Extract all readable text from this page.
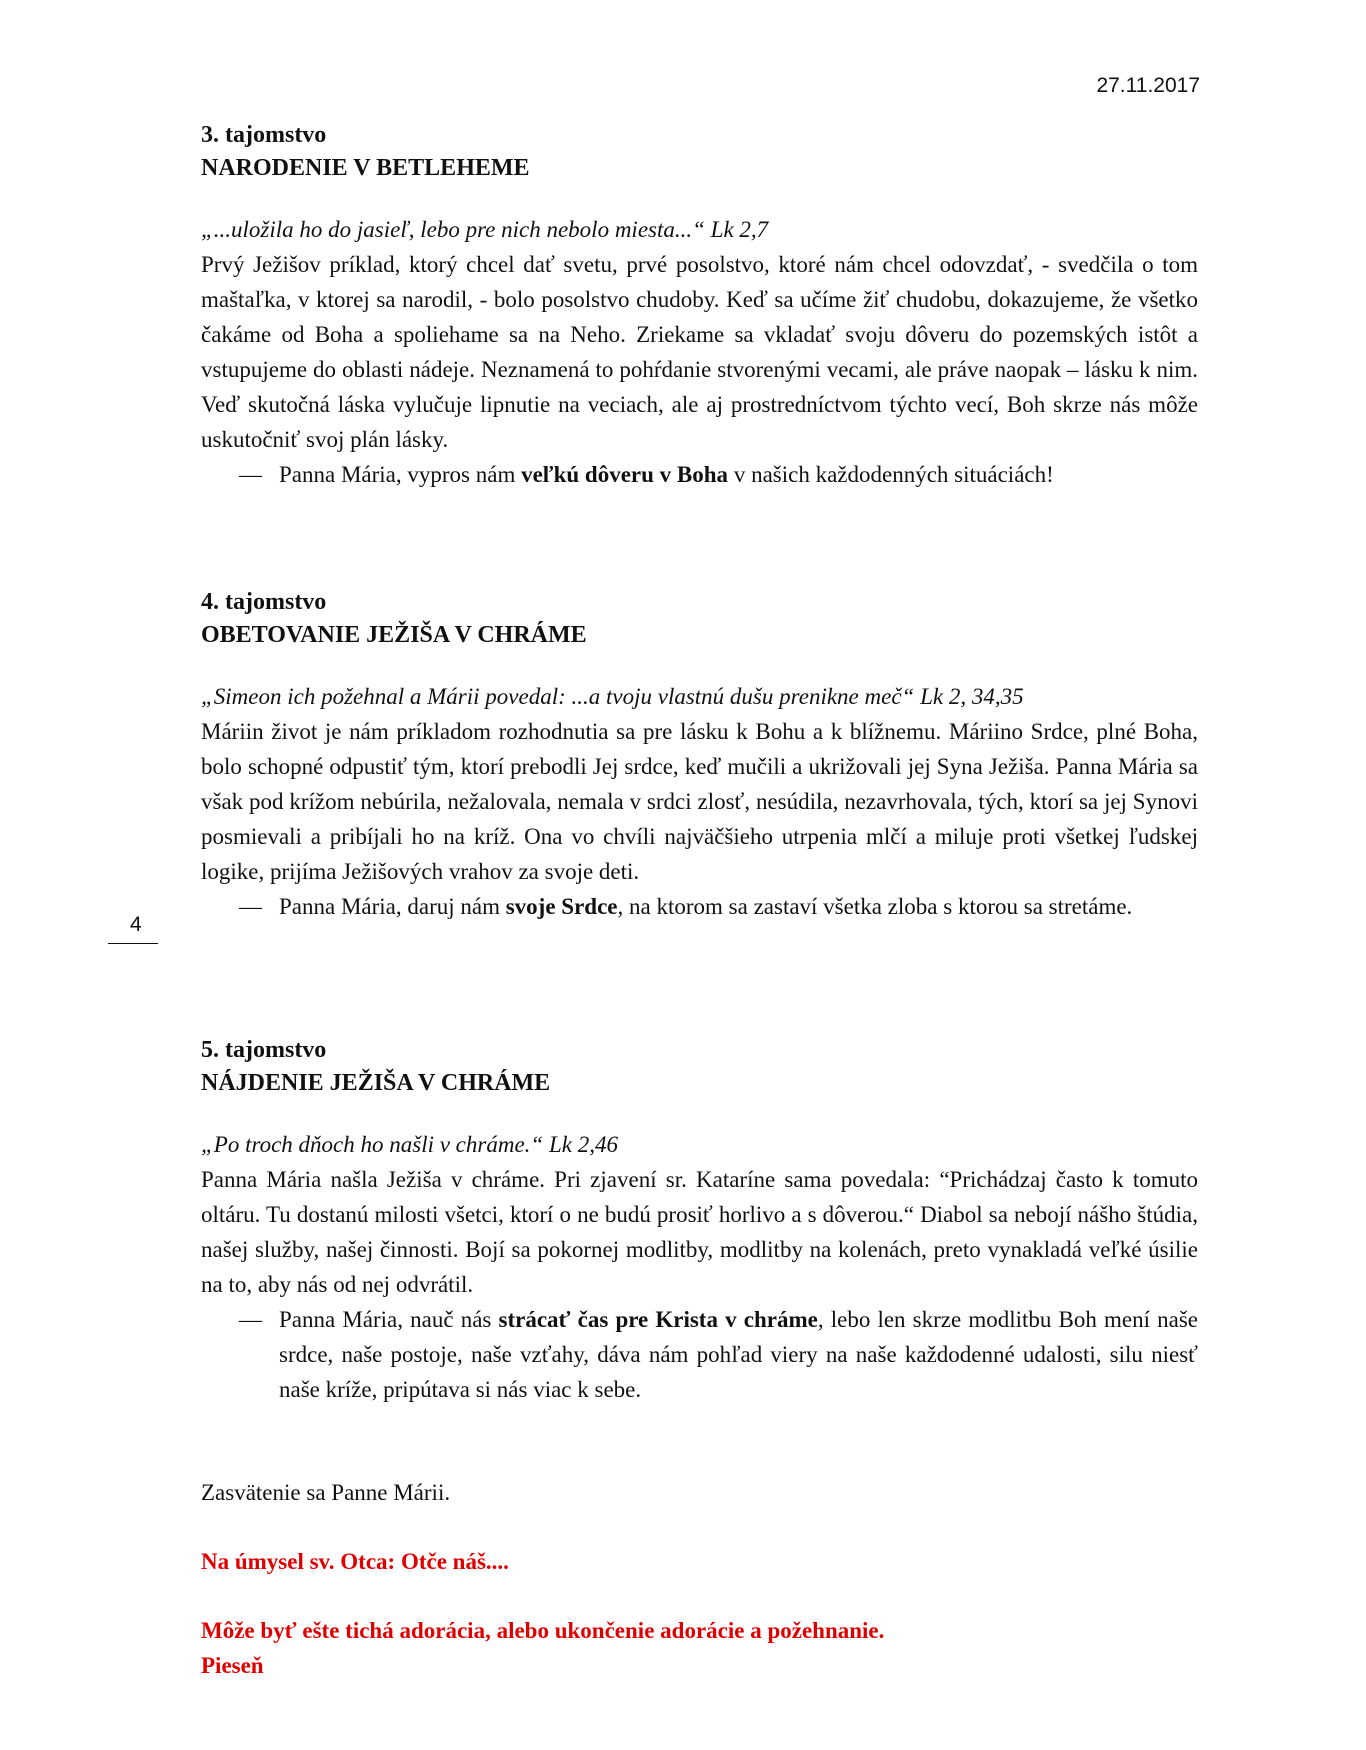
27.11.2017
3. tajomstvo
NARODENIE V BETLEHEME
„...uložila ho do jasieľ, lebo pre nich nebolo miesta...“ Lk 2,7
Prvý Ježišov príklad, ktorý chcel dať svetu, prvé posolstvo, ktoré nám chcel odovzdať, - svedčila o tom maštaľka, v ktorej sa narodil, - bolo posolstvo chudoby. Keď sa učíme žiť chudobu, dokazujeme, že všetko čakáme od Boha a spoliehame sa na Neho. Zriekame sa vkladať svoju dôveru do pozemských istôt a vstupujeme do oblasti nádeje. Neznamená to pohŕdanie stvorenými vecami, ale práve naopak – lásku k nim. Veď skutočná láska vylučuje lipnutie na veciach, ale aj prostredníctvom týchto vecí, Boh skrze nás môže uskutočniť svoj plán lásky.
— Panna Mária, vypros nám veľkú dôveru v Boha v našich každodenných situáciách!
4. tajomstvo
OBETOVANIE JEŽIŠA V CHRÁME
„Simeon ich požehnal a Márii povedal: ...a tvoju vlastnú dušu prenikne meč“ Lk 2, 34,35
Máriin život je nám príkladom rozhodnutia sa pre lásku k Bohu a k blížnemu. Máriino Srdce, plné Boha, bolo schopné odpustiť tým, ktorí prebodli Jej srdce, keď mučili a ukrižovali jej Syna Ježiša. Panna Mária sa však pod krížom nebúrila, nežalovala, nemala v srdci zlosť, nesúdila, nezavrhovala, tých, ktorí sa jej Synovi posmievali a pribíjali ho na kríž. Ona vo chvíli najväčšieho utrpenia mlčí a miluje proti všetkej ľudskej logike, prijíma Ježišových vrahov za svoje deti.
— Panna Mária, daruj nám svoje Srdce, na ktorom sa zastaví všetka zloba s ktorou sa stretáme.
4
5. tajomstvo
NÁJDENIE JEŽIŠA V CHRÁME
„Po troch dňoch ho našli v chráme.“ Lk 2,46
Panna Mária našla Ježiša v chráme. Pri zjavení sr. Kataríne sama povedala: “Prichádzaj často k tomuto oltáru. Tu dostanú milosti všetci, ktorí o ne budú prosiť horlivo a s dôverou.“ Diabol sa nebojí nášho štúdia, našej služby, našej činnosti. Bojí sa pokornej modlitby, modlitby na kolenách, preto vynakladá veľké úsilie na to, aby nás od nej odvrátil.
— Panna Mária, nauč nás strácať čas pre Krista v chráme, lebo len skrze modlitbu Boh mení naše srdce, naše postoje, naše vzťahy, dáva nám pohľad viery na naše každodenné udalosti, silu niesť naše kríže, pripútava si nás viac k sebe.
Zasvätenie sa Panne Márii.
Na úmysel sv. Otca: Otče náš....
Môže byť ešte tichá adorácia, alebo ukončenie adorácie a požehnanie.
Pieseň
